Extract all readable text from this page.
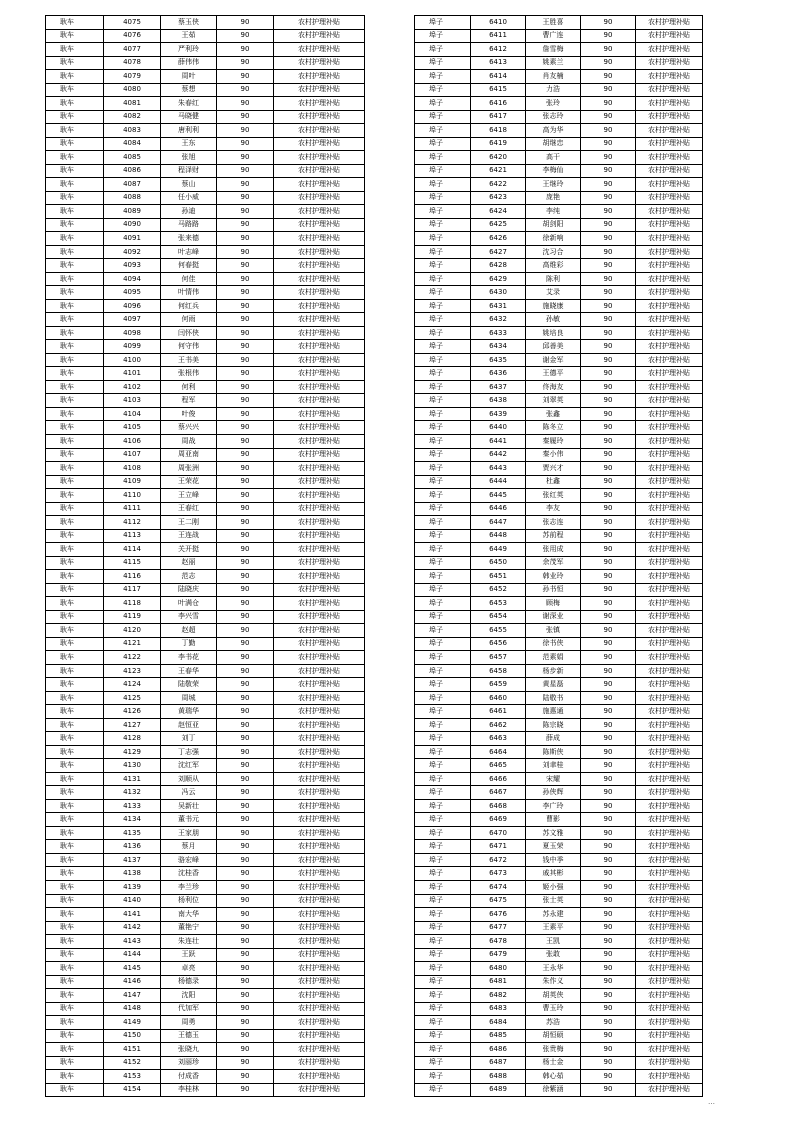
耿车	4075	蔡玉侠	90	农村护理补贴
耿车	4076	王茹	90	农村护理补贴
耿车	4077	严利玲	90	农村护理补贴
耿车	4078	薛伟伟	90	农村护理补贴
耿车	4079	周叶	90	农村护理补贴
耿车	4080	蔡想	90	农村护理补贴
耿车	4081	朱春红	90	农村护理补贴
耿车	4082	马晓健	90	农村护理补贴
耿车	4083	唐利利	90	农村护理补贴
耿车	4084	王东	90	农村护理补贴
耿车	4085	张旭	90	农村护理补贴
耿车	4086	程泽财	90	农村护理补贴
耿车	4087	蔡山	90	农村护理补贴
耿车	4088	任小威	90	农村护理补贴
耿车	4089	孙迪	90	农村护理补贴
耿车	4090	马路路	90	农村护理补贴
耿车	4091	张来德	90	农村护理补贴
耿车	4092	叶志峰	90	农村护理补贴
耿车	4093	何春挺	90	农村护理补贴
耿车	4094	何佳	90	农村护理补贴
耿车	4095	叶情伟	90	农村护理补贴
耿车	4096	何红兵	90	农村护理补贴
耿车	4097	何雨	90	农村护理补贴
耿车	4098	闫怀侠	90	农村护理补贴
耿车	4099	何守伟	90	农村护理补贴
耿车	4100	王书美	90	农村护理补贴
耿车	4101	张根伟	90	农村护理补贴
耿车	4102	何利	90	农村护理补贴
耿车	4103	程军	90	农村护理补贴
耿车	4104	叶俊	90	农村护理补贴
耿车	4105	蔡兴兴	90	农村护理补贴
耿车	4106	周战	90	农村护理补贴
耿车	4107	周亚南	90	农村护理补贴
耿车	4108	周张洲	90	农村护理补贴
耿车	4109	王荣花	90	农村护理补贴
耿车	4110	王立峰	90	农村护理补贴
耿车	4111	王春红	90	农村护理补贴
耿车	4112	王二刚	90	农村护理补贴
耿车	4113	王连战	90	农村护理补贴
耿车	4114	关开挺	90	农村护理补贴
耿车	4115	赵丽	90	农村护理补贴
耿车	4116	范志	90	农村护理补贴
耿车	4117	陆晓庆	90	农村护理补贴
耿车	4118	叶满仓	90	农村护理补贴
耿车	4119	李兴雪	90	农村护理补贴
耿车	4120	赵超	90	农村护理补贴
耿车	4121	丁勤	90	农村护理补贴
耿车	4122	李书花	90	农村护理补贴
耿车	4123	王春华	90	农村护理补贴
耿车	4124	陆敬荣	90	农村护理补贴
耿车	4125	周城	90	农村护理补贴
耿车	4126	黄瑞华	90	农村护理补贴
耿车	4127	赵恒亚	90	农村护理补贴
耿车	4128	刘丁	90	农村护理补贴
耿车	4129	丁志强	90	农村护理补贴
耿车	4130	沈红军	90	农村护理补贴
耿车	4131	刘顺从	90	农村护理补贴
耿车	4132	冯云	90	农村护理补贴
耿车	4133	吴新壮	90	农村护理补贴
耿车	4134	董书元	90	农村护理补贴
耿车	4135	王家朋	90	农村护理补贴
耿车	4136	蔡月	90	农村护理补贴
耿车	4137	骆宏峰	90	农村护理补贴
耿车	4138	沈桂香	90	农村护理补贴
耿车	4139	李兰珍	90	农村护理补贴
耿车	4140	杨利位	90	农村护理补贴
耿车	4141	南大华	90	农村护理补贴
耿车	4142	董艳宁	90	农村护理补贴
耿车	4143	朱连壮	90	农村护理补贴
耿车	4144	王跃	90	农村护理补贴
耿车	4145	卓亮	90	农村护理补贴
耿车	4146	杨德录	90	农村护理补贴
耿车	4147	沈阳	90	农村护理补贴
耿车	4148	代加军	90	农村护理补贴
耿车	4149	周勇	90	农村护理补贴
耿车	4150	王德玉	90	农村护理补贴
耿车	4151	张晓九	90	农村护理补贴
耿车	4152	刘丽珍	90	农村护理补贴
耿车	4153	付成香	90	农村护理补贴
耿车	4154	李桂林	90	农村护理补贴
埠子	6410	王胜喜	90	农村护理补贴
埠子	6411	曹广连	90	农村护理补贴
埠子	6412	詹雪梅	90	农村护理补贴
埠子	6413	姚素兰	90	农村护理补贴
埠子	6414	肖友楠	90	农村护理补贴
埠子	6415	力浩	90	农村护理补贴
埠子	6416	张玲	90	农村护理补贴
埠子	6417	张志玲	90	农村护理补贴
埠子	6418	高为华	90	农村护理补贴
埠子	6419	胡继忠	90	农村护理补贴
埠子	6420	高干	90	农村护理补贴
埠子	6421	李梅仙	90	农村护理补贴
埠子	6422	王继玲	90	农村护理补贴
埠子	6423	庞艳	90	农村护理补贴
埠子	6424	李纯	90	农村护理补贴
埠子	6425	胡剑阳	90	农村护理补贴
埠子	6426	徐新响	90	农村护理补贴
埠子	6427	沈习合	90	农村护理补贴
埠子	6428	高维彩	90	农村护理补贴
埠子	6429	陈利	90	农村护理补贴
埠子	6430	艾录	90	农村护理补贴
埠子	6431	施晓康	90	农村护理补贴
埠子	6432	孙敏	90	农村护理补贴
埠子	6433	姚培良	90	农村护理补贴
埠子	6434	邱善美	90	农村护理补贴
埠子	6435	谢金军	90	农村护理补贴
埠子	6436	王德平	90	农村护理补贴
埠子	6437	佟海友	90	农村护理补贴
埠子	6438	刘翠英	90	农村护理补贴
埠子	6439	张鑫	90	农村护理补贴
埠子	6440	陈冬立	90	农村护理补贴
埠子	6441	秦履玲	90	农村护理补贴
埠子	6442	秦小伟	90	农村护理补贴
埠子	6443	贾兴才	90	农村护理补贴
埠子	6444	杜鑫	90	农村护理补贴
埠子	6445	张红英	90	农村护理补贴
埠子	6446	李友	90	农村护理补贴
埠子	6447	张志连	90	农村护理补贴
埠子	6448	苏前程	90	农村护理补贴
埠子	6449	张用成	90	农村护理补贴
埠子	6450	余茂军	90	农村护理补贴
埠子	6451	韩业玲	90	农村护理补贴
埠子	6452	孙书恒	90	农村护理补贴
埠子	6453	顾梅	90	农村护理补贴
埠子	6454	谢深业	90	农村护理补贴
埠子	6455	张镇	90	农村护理补贴
埠子	6456	徐书侠	90	农村护理补贴
埠子	6457	范素娟	90	农村护理补贴
埠子	6458	杨步新	90	农村护理补贴
埠子	6459	黄星磊	90	农村护理补贴
埠子	6460	陆敬书	90	农村护理补贴
埠子	6461	施惠通	90	农村护理补贴
埠子	6462	陈宗晓	90	农村护理补贴
埠子	6463	薛成	90	农村护理补贴
埠子	6464	陈斯侠	90	农村护理补贴
埠子	6465	刘聿桂	90	农村护理补贴
埠子	6466	宋耀	90	农村护理补贴
埠子	6467	孙侠辉	90	农村护理补贴
埠子	6468	李广玲	90	农村护理补贴
埠子	6469	曹影	90	农村护理补贴
埠子	6470	苏文雅	90	农村护理补贴
埠子	6471	夏玉荣	90	农村护理补贴
埠子	6472	钱中季	90	农村护理补贴
埠子	6473	戚其彬	90	农村护理补贴
埠子	6474	姬小强	90	农村护理补贴
埠子	6475	张士英	90	农村护理补贴
埠子	6476	苏永建	90	农村护理补贴
埠子	6477	王素平	90	农村护理补贴
埠子	6478	王凯	90	农村护理补贴
埠子	6479	张敢	90	农村护理补贴
埠子	6480	王永华	90	农村护理补贴
埠子	6481	朱作义	90	农村护理补贴
埠子	6482	胡英侠	90	农村护理补贴
埠子	6483	曹玉玲	90	农村护理补贴
埠子	6484	苏浩	90	农村护理补贴
埠子	6485	胡恒硕	90	农村护理补贴
埠子	6486	张贵梅	90	农村护理补贴
埠子	6487	杨士金	90	农村护理补贴
埠子	6488	韩心茹	90	农村护理补贴
埠子	6489	徐紫涵	90	农村护理补贴
…
